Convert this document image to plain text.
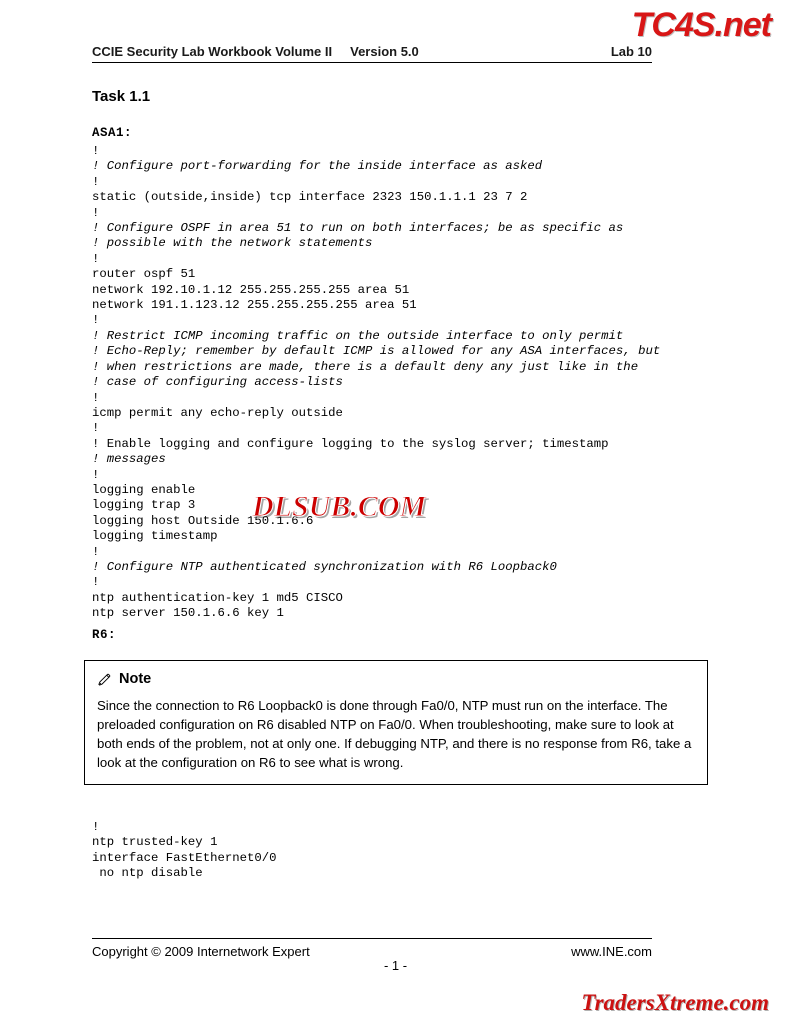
TC4S.net
CCIE Security Lab Workbook Volume II     Version 5.0	Lab 10
Task 1.1
ASA1:
!
! Configure port-forwarding for the inside interface as asked
!
static (outside,inside) tcp interface 2323 150.1.1.1 23 7 2
!
! Configure OSPF in area 51 to run on both interfaces; be as specific as
! possible with the network statements
!
router ospf 51
network 192.10.1.12 255.255.255.255 area 51
network 191.1.123.12 255.255.255.255 area 51
!
! Restrict ICMP incoming traffic on the outside interface to only permit
! Echo-Reply; remember by default ICMP is allowed for any ASA interfaces, but
! when restrictions are made, there is a default deny any just like in the
! case of configuring access-lists
!
icmp permit any echo-reply outside
!
! Enable logging and configure logging to the syslog server; timestamp
! messages
!
logging enable
logging trap 3
logging host Outside 150.1.6.6
logging timestamp
!
! Configure NTP authenticated synchronization with R6 Loopback0
!
ntp authentication-key 1 md5 CISCO
ntp server 150.1.6.6 key 1
R6:
Note
Since the connection to R6 Loopback0 is done through Fa0/0, NTP must run on the interface. The preloaded configuration on R6 disabled NTP on Fa0/0. When troubleshooting, make sure to look at both ends of the problem, not at only one. If debugging NTP, and there is no response from R6, take a look at the configuration on R6 to see what is wrong.
!
ntp trusted-key 1
interface FastEthernet0/0
no ntp disable
DLSUB.COM
Copyright © 2009 Internetwork Expert	www.INE.com
- 1 -
TradersXtreme.com
